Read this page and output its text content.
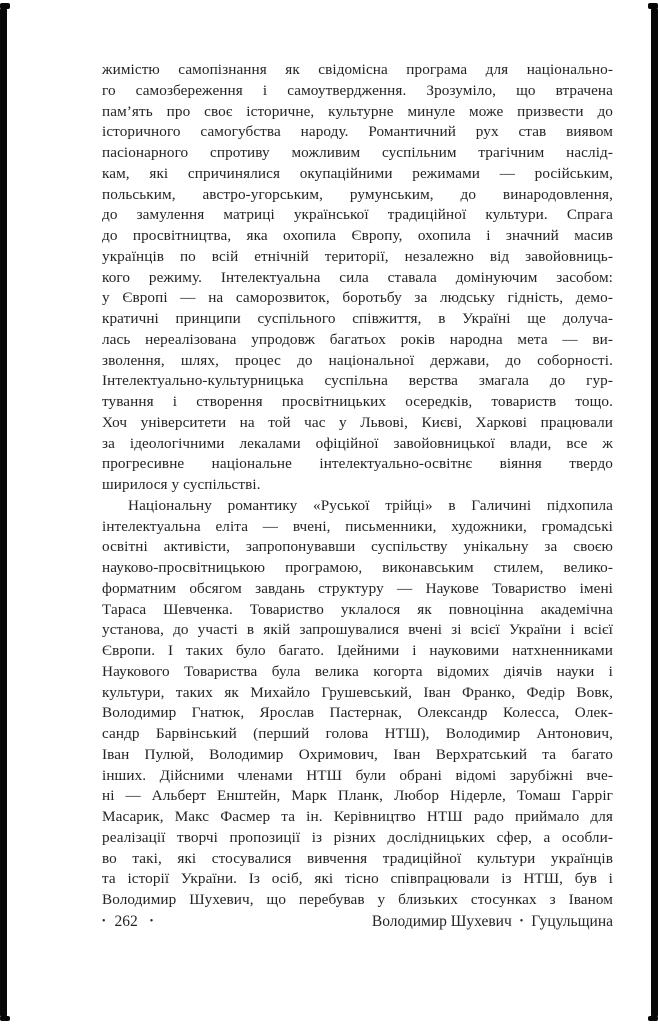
жимістю самопізнання як свідомісна програма для національно-
го самозбереження і самоутвердження. Зрозуміло, що втрачена
пам’ять про своє історичне, культурне минуле може призвести до
історичного самогубства народу. Романтичний рух став виявом
пасіонарного спротиву можливим суспільним трагічним наслід-
кам, які спричинялися окупаційними режимами — російським,
польським, австро-угорським, румунським, до винародовлення,
до замулення матриці української традиційної культури. Спрага
до просвітництва, яка охопила Європу, охопила і значний масив
українців по всій етнічній території, незалежно від завойовниць-
кого режиму. Інтелектуальна сила ставала домінуючим засобом:
у Європі — на саморозвиток, боротьбу за людську гідність, демо-
кратичні принципи суспільного співжиття, в Україні ще долуча-
лась нереалізована упродовж багатьох років народна мета — ви-
зволення, шлях, процес до національної держави, до соборності.
Інтелектуально-культурницька суспільна верства змагала до гур-
тування і створення просвітницьких осередків, товариств тощо.
Хоч університети на той час у Львові, Києві, Харкові працювали
за ідеологічними лекалами офіційної завойовницької влади, все ж
прогресивне національне інтелектуально-освітнє віяння твердо
ширилося у суспільстві.
Національну романтику «Руської трійці» в Галичині підхопила
інтелектуальна еліта — вчені, письменники, художники, громадські
освітні активісти, запропонувавши суспільству унікальну за своєю
науково-просвітницькою програмою, виконавським стилем, велико-
форматним обсягом завдань структуру — Наукове Товариство імені
Тараса Шевченка. Товариство уклалося як повноцінна академічна
установа, до участі в якій запрошувалися вчені зі всієї України і всієї
Європи. І таких було багато. Ідейними і науковими натхненниками
Наукового Товариства була велика когорта відомих діячів науки і
культури, таких як Михайло Грушевський, Іван Франко, Федір Вовк,
Володимир Гнатюк, Ярослав Пастернак, Олександр Колесса, Олек-
сандр Барвінський (перший голова НТШ), Володимир Антонович,
Іван Пулюй, Володимир Охримович, Іван Верхратський та багато
інших. Дійсними членами НТШ були обрані відомі зарубіжні вче-
ні — Альберт Енштейн, Марк Планк, Любор Нідерле, Томаш Гарріг
Масарик, Макс Фасмер та ін. Керівництво НТШ радо приймало для
реалізації творчі пропозиції із різних дослідницьких сфер, а особли-
во такі, які стосувалися вивчення традиційної культури українців
та історії України. Із осіб, які тісно співпрацювали із НТШ, був і
Володимир Шухевич, що перебував у близьких стосунках з Іваном
• 262 •	Володимир Шухевич • Гуцульщина
